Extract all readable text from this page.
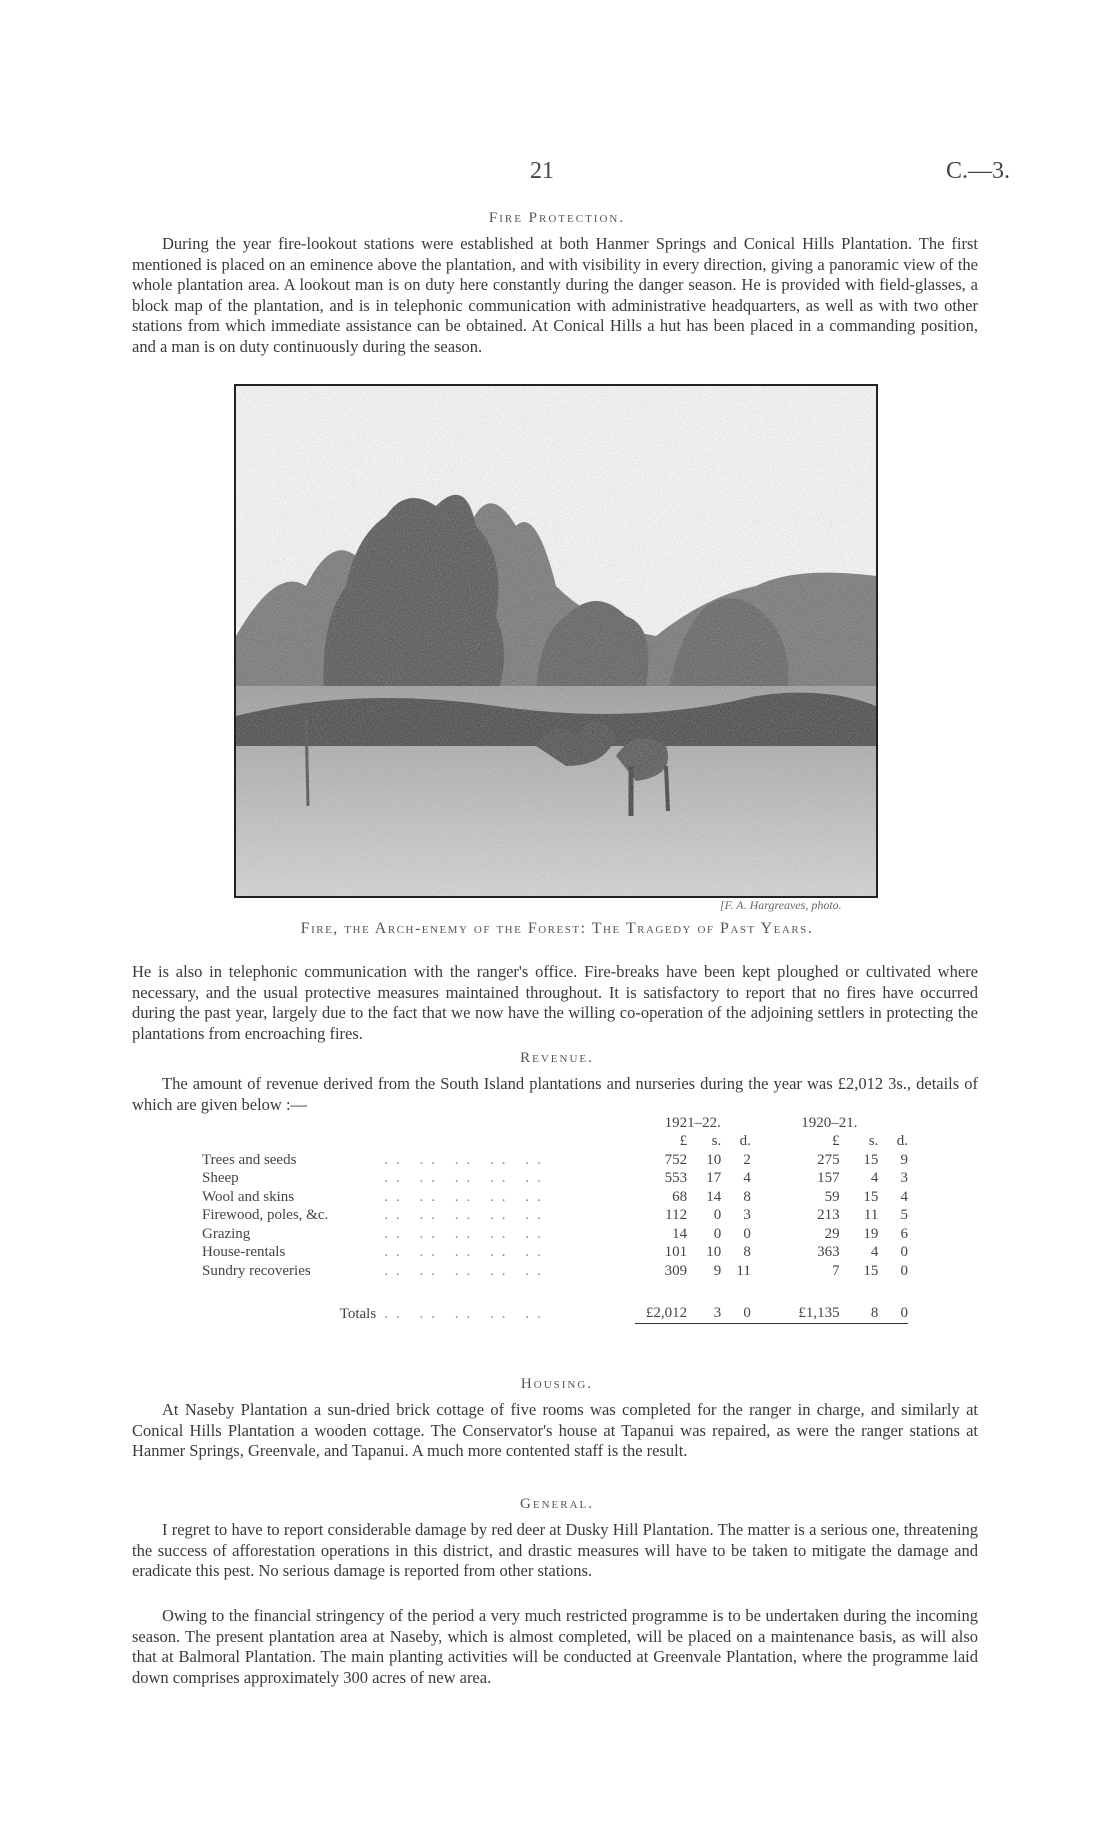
21	C.—3.
Fire Protection.

During the year fire-lookout stations were established at both Hanmer Springs and Conical Hills Plantation. The first mentioned is placed on an eminence above the plantation, and with visibility in every direction, giving a panoramic view of the whole plantation area. A lookout man is on duty here constantly during the danger season. He is provided with field-glasses, a block map of the plantation, and is in telephonic communication with administrative headquarters, as well as with two other stations from which immediate assistance can be obtained. At Conical Hills a hut has been placed in a commanding position, and a man is on duty continuously during the season.

[F. A. Hargreaves, photo.
Fire, the Arch-enemy of the Forest: The Tragedy of Past Years.

He is also in telephonic communication with the ranger's office. Fire-breaks have been kept ploughed or cultivated where necessary, and the usual protective measures maintained throughout. It is satisfactory to report that no fires have occurred during the past year, largely due to the fact that we now have the willing co-operation of the adjoining settlers in protecting the plantations from encroaching fires.

Revenue.

The amount of revenue derived from the South Island plantations and nurseries during the year was £2,012 3s., details of which are given below :—

		1921–22.			1920–21.		
		£	s.	d.	£	s.	d.
Trees and seeds	.. .. .. .. ..	752	10	2	275	15	9
Sheep	.. .. .. .. ..	553	17	4	157	4	3
Wool and skins	.. .. .. .. ..	68	14	8	59	15	4
Firewood, poles, &c.	.. .. .. .. ..	112	0	3	213	11	5
Grazing	.. .. .. .. ..	14	0	0	29	19	6
House-rentals	.. .. .. .. ..	101	10	8	363	4	0
Sundry recoveries	.. .. .. .. ..	309	9	11	7	15	0

Totals	.. .. .. .. ..	£2,012	3	0	£1,135	8	0

Housing.

At Naseby Plantation a sun-dried brick cottage of five rooms was completed for the ranger in charge, and similarly at Conical Hills Plantation a wooden cottage. The Conservator's house at Tapanui was repaired, as were the ranger stations at Hanmer Springs, Greenvale, and Tapanui. A much more contented staff is the result.

General.

I regret to have to report considerable damage by red deer at Dusky Hill Plantation. The matter is a serious one, threatening the success of afforestation operations in this district, and drastic measures will have to be taken to mitigate the damage and eradicate this pest. No serious damage is reported from other stations.

Owing to the financial stringency of the period a very much restricted programme is to be undertaken during the incoming season. The present plantation area at Naseby, which is almost completed, will be placed on a maintenance basis, as will also that at Balmoral Plantation. The main planting activities will be conducted at Greenvale Plantation, where the programme laid down comprises approximately 300 acres of new area.
